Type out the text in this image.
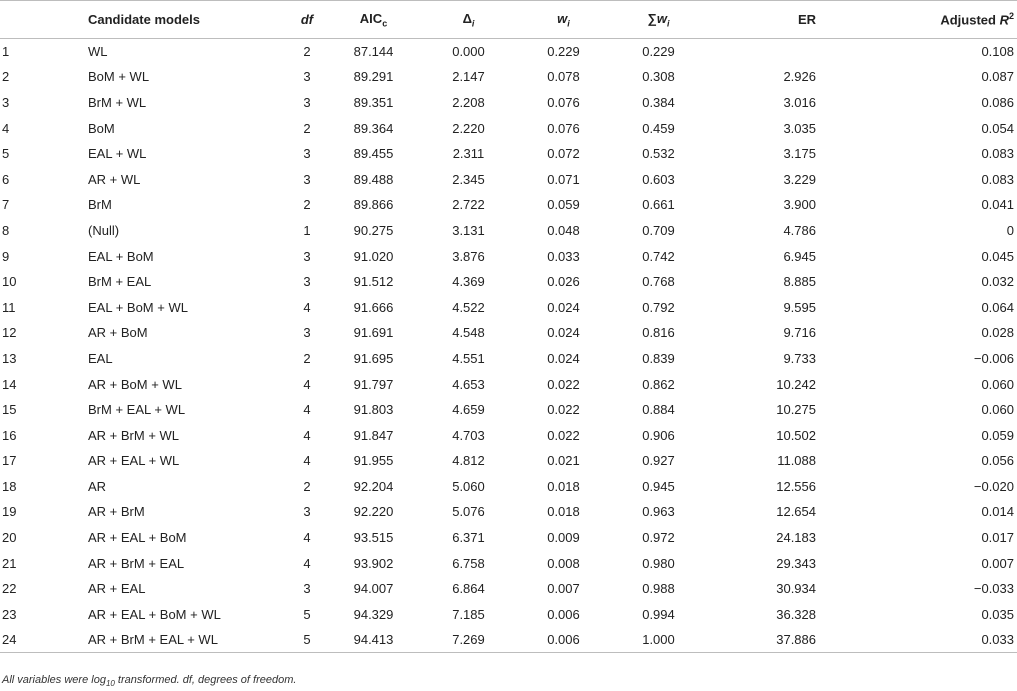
	Candidate models	df	$AIC_c$	$\Delta_i$	$w_i$	$\sum w_i$	ER	Adjusted $R^2$
1	WL	2	87.144	0.000	0.229	0.229		0.108
2	BoM + WL	3	89.291	2.147	0.078	0.308	2.926	0.087
3	BrM + WL	3	89.351	2.208	0.076	0.384	3.016	0.086
4	BoM	2	89.364	2.220	0.076	0.459	3.035	0.054
5	EAL + WL	3	89.455	2.311	0.072	0.532	3.175	0.083
6	AR + WL	3	89.488	2.345	0.071	0.603	3.229	0.083
7	BrM	2	89.866	2.722	0.059	0.661	3.900	0.041
8	(Null)	1	90.275	3.131	0.048	0.709	4.786	0
9	EAL + BoM	3	91.020	3.876	0.033	0.742	6.945	0.045
10	BrM + EAL	3	91.512	4.369	0.026	0.768	8.885	0.032
11	EAL + BoM + WL	4	91.666	4.522	0.024	0.792	9.595	0.064
12	AR + BoM	3	91.691	4.548	0.024	0.816	9.716	0.028
13	EAL	2	91.695	4.551	0.024	0.839	9.733	−0.006
14	AR + BoM + WL	4	91.797	4.653	0.022	0.862	10.242	0.060
15	BrM + EAL + WL	4	91.803	4.659	0.022	0.884	10.275	0.060
16	AR + BrM + WL	4	91.847	4.703	0.022	0.906	10.502	0.059
17	AR + EAL + WL	4	91.955	4.812	0.021	0.927	11.088	0.056
18	AR	2	92.204	5.060	0.018	0.945	12.556	−0.020
19	AR + BrM	3	92.220	5.076	0.018	0.963	12.654	0.014
20	AR + EAL + BoM	4	93.515	6.371	0.009	0.972	24.183	0.017
21	AR + BrM + EAL	4	93.902	6.758	0.008	0.980	29.343	0.007
22	AR + EAL	3	94.007	6.864	0.007	0.988	30.934	−0.033
23	AR + EAL + BoM + WL	5	94.329	7.185	0.006	0.994	36.328	0.035
24	AR + BrM + EAL + WL	5	94.413	7.269	0.006	1.000	37.886	0.033
All variables were $\log_{10}$ transformed. df, degrees of freedom.
